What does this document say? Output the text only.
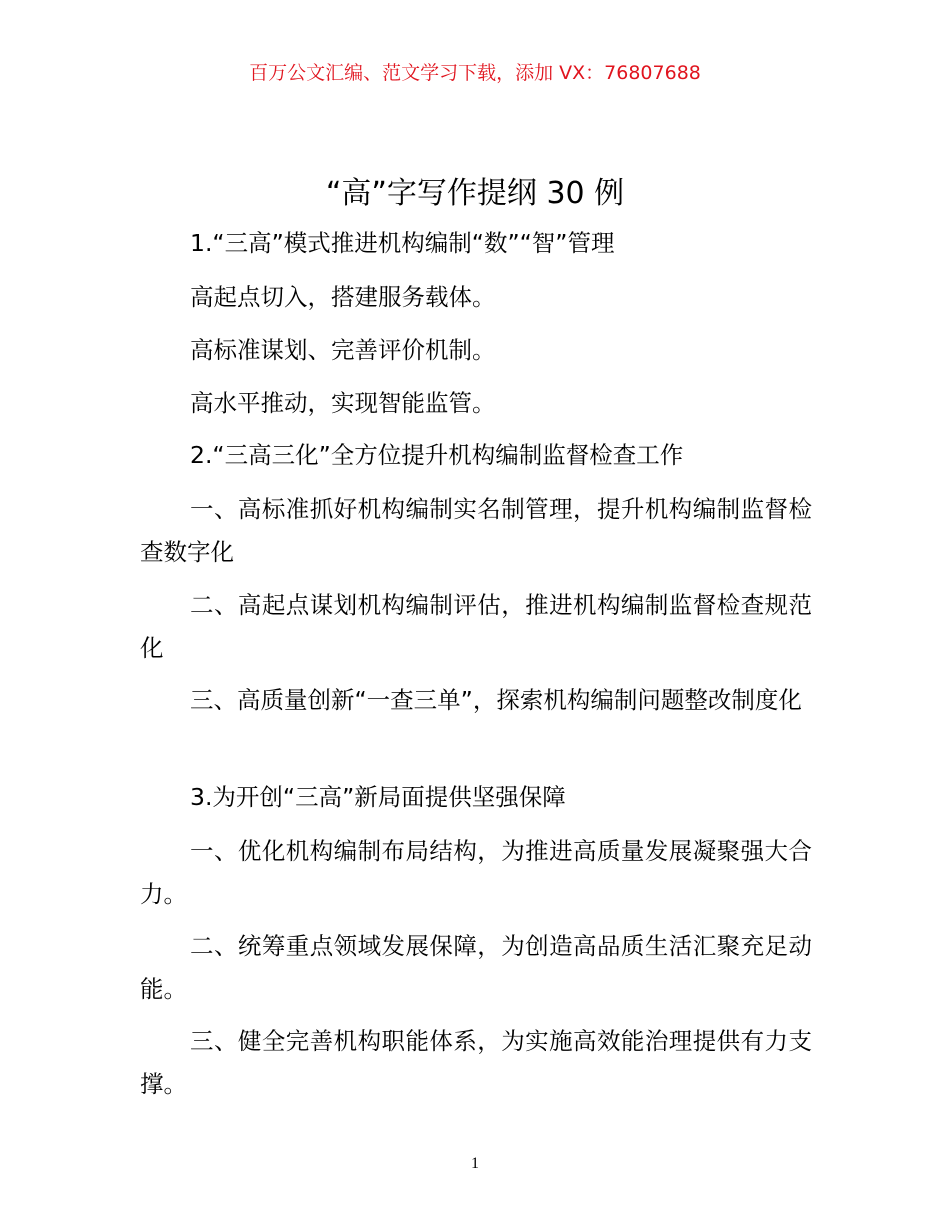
百万公文汇编、范文学习下载，添加 VX：76807688
“高”字写作提纲 30 例
1.“三高”模式推进机构编制“数”“智”管理
高起点切入，搭建服务载体。
高标准谋划、完善评价机制。
高水平推动，实现智能监管。
2.“三高三化”全方位提升机构编制监督检查工作
一、高标准抓好机构编制实名制管理，提升机构编制监督检查数字化
二、高起点谋划机构编制评估，推进机构编制监督检查规范化
三、高质量创新“一查三单”，探索机构编制问题整改制度化
3.为开创“三高”新局面提供坚强保障
一、优化机构编制布局结构，为推进高质量发展凝聚强大合力。
二、统筹重点领域发展保障，为创造高品质生活汇聚充足动能。
三、健全完善机构职能体系，为实施高效能治理提供有力支撑。
1
